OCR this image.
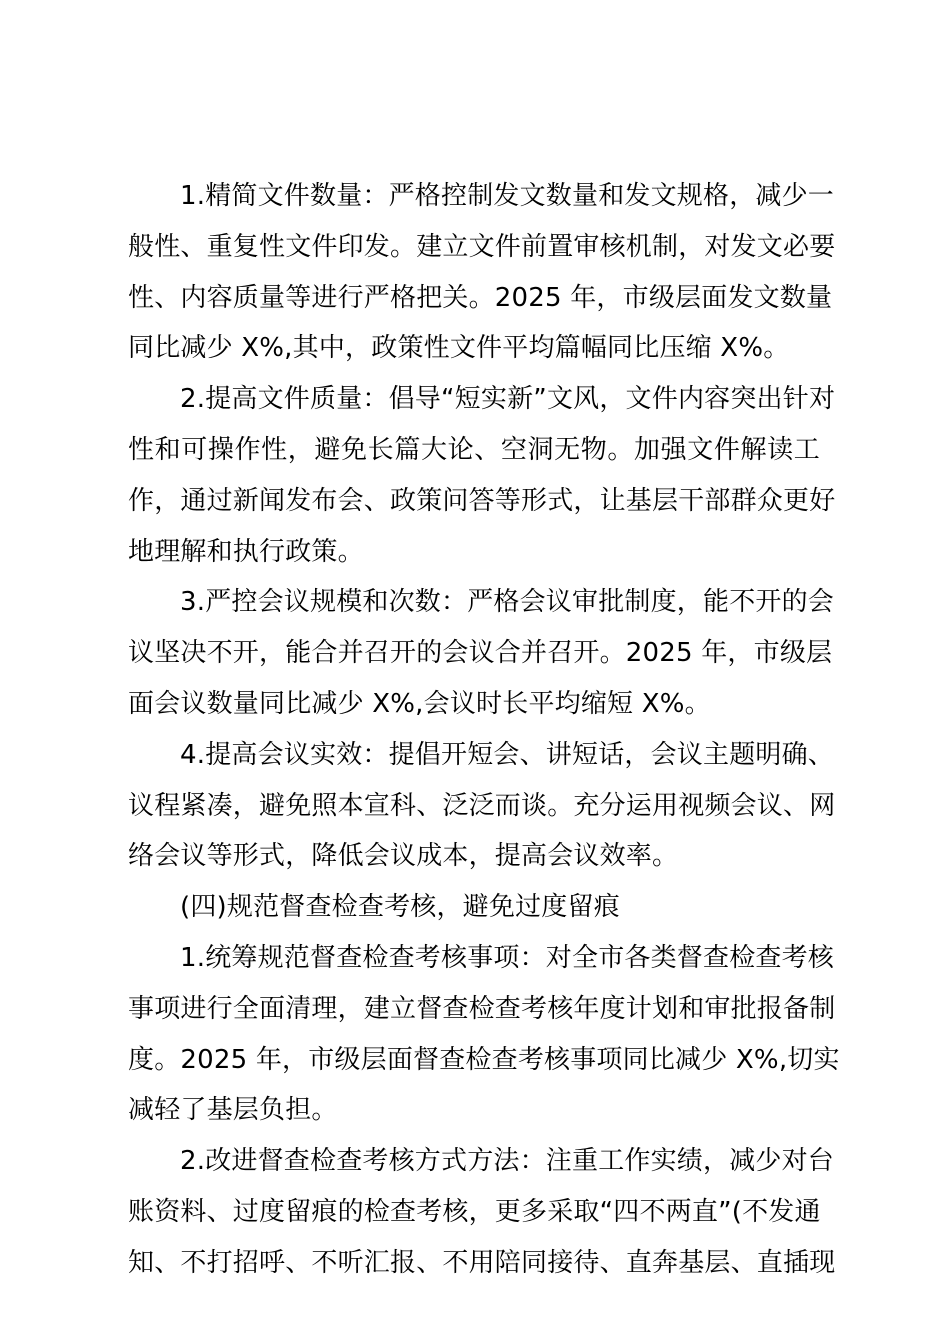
1.精简文件数量：严格控制发文数量和发文规格，减少一
般性、重复性文件印发。建立文件前置审核机制，对发文必要
性、内容质量等进行严格把关。2025 年，市级层面发文数量
同比减少 X%,其中，政策性文件平均篇幅同比压缩 X%。
2.提高文件质量：倡导“短实新”文风，文件内容突出针对
性和可操作性，避免长篇大论、空洞无物。加强文件解读工
作，通过新闻发布会、政策问答等形式，让基层干部群众更好
地理解和执行政策。
3.严控会议规模和次数：严格会议审批制度，能不开的会
议坚决不开，能合并召开的会议合并召开。2025 年，市级层
面会议数量同比减少 X%,会议时长平均缩短 X%。
4.提高会议实效：提倡开短会、讲短话，会议主题明确、
议程紧凑，避免照本宣科、泛泛而谈。充分运用视频会议、网
络会议等形式，降低会议成本，提高会议效率。
(四)规范督查检查考核，避免过度留痕
1.统筹规范督查检查考核事项：对全市各类督查检查考核
事项进行全面清理，建立督查检查考核年度计划和审批报备制
度。2025 年，市级层面督查检查考核事项同比减少 X%,切实
减轻了基层负担。
2.改进督查检查考核方式方法：注重工作实绩，减少对台
账资料、过度留痕的检查考核，更多采取“四不两直”(不发通
知、不打招呼、不听汇报、不用陪同接待、直奔基层、直插现
